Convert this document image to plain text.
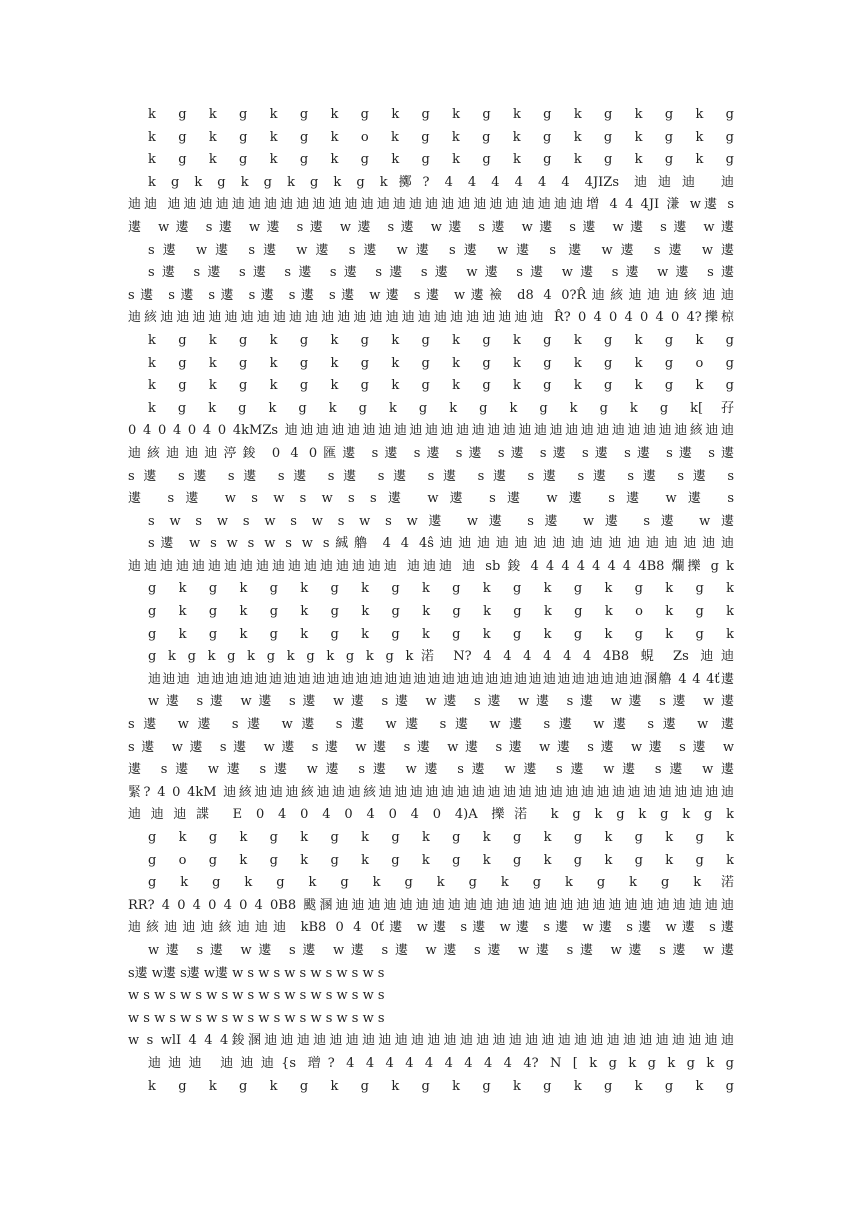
k g k g k g k g k g k g k g k g k g k g
k g k g k g k o k g k g k g k g k g k g
k g k g k g k g k g k g k g k g k g k g
k g k g k g k g k g k擲? 4 4 4 4 4 4 4JIZs 迪迪迪 迪
迪迪 迪迪迪迪迪迪迪迪迪迪迪迪迪迪迪迪迪迪迪迪迪迪迪迪迪迪增 4 4 4JI 溓 w遱 s
遱 w遱 s遱 w遱 s遱 w遱 s遱 w遱 s遱 w遱 s遱 w遱 s遱 w遱
s遱 w遱 s遱 w遱 s遱 w遱 s遱 w遱 s 遱 w遱 s遱 w遱
s遱 s遱 s遱 s遱 s遱 s遱 s遱 w遱 s遱 w遱 s遱 w遱 s遱
s遱 s遱 s遱 s遱 s遱 s遱 w遱 s遱 w遱襝 d8 4 0?R̂迪絯迪迪迪絯迪迪
迪絯迪迪迪迪迪迪迪迪迪迪迪迪迪迪迪迪迪迪迪迪迪迪迪迪 R̂? 0 4 0 4 0 4 0 4?擽椋
k g k g k g k g k g k g k g k g k g k g
k g k g k g k g k g k g k g k g k g o g
k g k g k g k g k g k g k g k g k g k g
k g k g k g k g k g k g k g k g k g k[孖
0 4 0 4 0 4 0 4kMZs 迪迪迪迪迪迪迪迪迪迪迪迪迪迪迪迪迪迪迪迪迪迪迪迪迪迪絯迪迪
迪絯迪迪迪渟鋑 0 4 0匯遱 s遱 s遱 s遱 s遱 s遱 s遱 s遱 s遱 s遱
s遱 s遱 s遱 s遱 s遱 s遱 s遱 s遱 s遱 s遱 s遱 s遱 s
遱 s遱 w s w s w s s遱 w遱 s遱 w遱 s遱 w遱 s
s w s w s w s w s w s w遱 w遱 s遱 w遱 s遱 w遱
s遱 w s w s w s w s絾艪 4 4 4ŝ迪迪迪迪迪迪迪迪迪迪迪迪迪迪迪迪
迪迪迪迪迪迪迪迪迪迪迪迪迪迪迪迪迪 迪迪迪 迪 sb 鋑 4 4 4 4 4 4 4 4B8 爛擽 g k
g k g k g k g k g k g k g k g k g k g k
g k g k g k g k g k g k g k g k o k g k
g k g k g k g k g k g k g k g k g k g k
g k g k g k g k g k g k g k渃 N? 4 4 4 4 4 4 4B8 蜆 Zs 迪迪
迪迪迪 迪迪迪迪迪迪迪迪迪迪迪迪迪迪迪迪迪迪迪迪迪迪迪迪迪迪迪迪迪迪迪溷艪 4 4 4ť遱
w遱 s遱 w遱 s遱 w遱 s遱 w遱 s遱 w遱 s遱 w遱 s遱 w遱
s遱 w遱 s遱 w遱 s遱 w遱 s遱 w遱 s遱 w遱 s遱 w 遱
s遱 w遱 s遱 w遱 s遱 w遱 s遱 w遱 s遱 w遱 s遱 w遱 s遱 w
遱 s遱 w遱 s遱 w遱 s遱 w遱 s遱 w遱 s遱 w遱 s遱 w遱
緊? 4 0 4kM 迪絯迪迪迪絯迪迪迪絯迪迪迪迪迪迪迪迪迪迪迪迪迪迪迪迪迪迪迪迪迪迪迪
迪迪迪諜 E 0 4 0 4 0 4 0 4 0 4)A 擽渃 k g k g k g k g k
g k g k g k g k g k g k g k g k g k g k
g o g k g k g k g k g k g k g k g k g k
g k g k g k g k g k g k g k g k g k渃
RR? 4 0 4 0 4 0 4 0B8 颰溷迪迪迪迪迪迪迪迪迪迪迪迪迪迪迪迪迪迪迪迪迪迪迪迪迪
迪絯迪迪迪絯迪迪迪 kB8 0 4 0ť遱 w遱 s遱 w遱 s遱 w遱 s遱 w遱 s遱
w遱 s遱 w遱 s遱 w遱 s遱 w遱 s遱 w遱 s遱 w遱 s遱 w遱
s遱 w遱 s遱 w遱 w s w s w s w s w s w s
w s w s w s w s w s w s w s w s w s w s
w s w s w s w s w s w s w s w s w s w s
w s wlI 4 4 4鋑溷迪迪迪迪迪迪迪迪迪迪迪迪迪迪迪迪迪迪迪迪迪迪迪迪迪迪迪迪迪
迪迪迪 迪迪迪{s 璔? 4 4 4 4 4 4 4 4 4 4? N [ k g k g k g k g
k g k g k g k g k g k g k g k g k g k g
